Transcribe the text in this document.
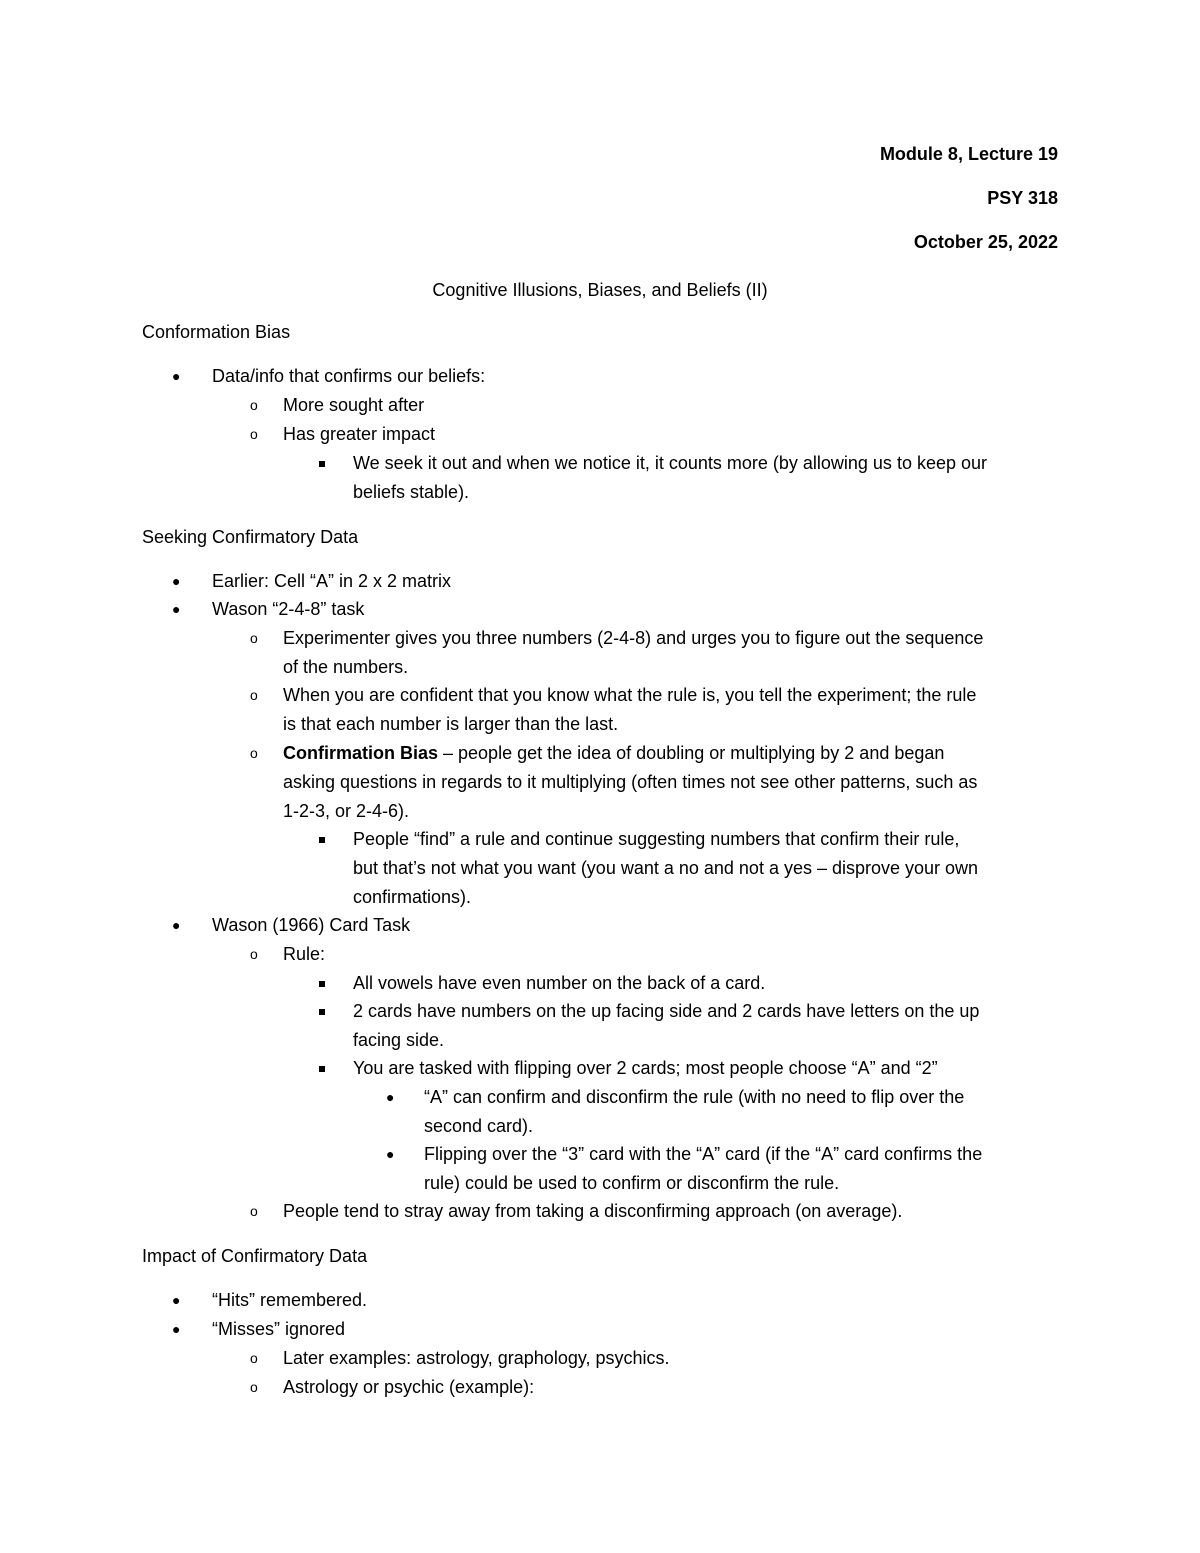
Module 8, Lecture 19
PSY 318
October 25, 2022
Cognitive Illusions, Biases, and Beliefs (II)
Conformation Bias
● Data/info that confirms our beliefs:
o More sought after
o Has greater impact
We seek it out and when we notice it, it counts more (by allowing us to keep our
beliefs stable).
Seeking Confirmatory Data
● Earlier: Cell “A” in 2 x 2 matrix
● Wason “2-4-8” task
o Experimenter gives you three numbers (2-4-8) and urges you to figure out the sequence
of the numbers.
o When you are confident that you know what the rule is, you tell the experiment; the rule
is that each number is larger than the last.
o Confirmation Bias – people get the idea of doubling or multiplying by 2 and began
asking questions in regards to it multiplying (often times not see other patterns, such as
1-2-3, or 2-4-6).
People “find” a rule and continue suggesting numbers that confirm their rule,
but that’s not what you want (you want a no and not a yes – disprove your own
confirmations).
● Wason (1966) Card Task
o Rule:
All vowels have even number on the back of a card.
2 cards have numbers on the up facing side and 2 cards have letters on the up
facing side.
You are tasked with flipping over 2 cards; most people choose “A” and “2”
● “A” can confirm and disconfirm the rule (with no need to flip over the
second card).
● Flipping over the “3” card with the “A” card (if the “A” card confirms the
rule) could be used to confirm or disconfirm the rule.
o People tend to stray away from taking a disconfirming approach (on average).
Impact of Confirmatory Data
● “Hits” remembered.
● “Misses” ignored
o Later examples: astrology, graphology, psychics.
o Astrology or psychic (example):
